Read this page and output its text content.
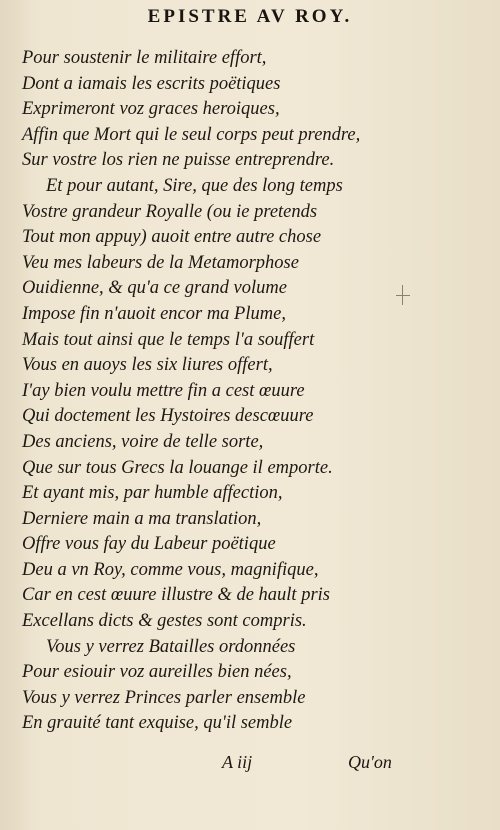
EPISTRE AV ROY.
Pour soustenir le militaire effort,
Dont a iamais les escrits poëtiques
Exprimeront voz graces heroiques,
Affin que Mort qui le seul corps peut prendre,
Sur vostre los rien ne puisse entreprendre.
Et pour autant, Sire, que des long temps
Vostre grandeur Royalle (ou ie pretends
Tout mon appuy) auoit entre autre chose
Veu mes labeurs de la Metamorphose
Ouidienne, & qu'a ce grand volume
Impose fin n'auoit encor ma Plume,
Mais tout ainsi que le temps l'a souffert
Vous en auoys les six liures offert,
I'ay bien voulu mettre fin a cest œuure
Qui doctement les Hystoires descœuure
Des anciens, voire de telle sorte,
Que sur tous Grecs la louange il emporte.
Et ayant mis, par humble affection,
Derniere main a ma translation,
Offre vous fay du Labeur poëtique
Deu a vn Roy, comme vous, magnifique,
Car en cest œuure illustre & de hault pris
Excellans dicts & gestes sont compris.
Vous y verrez Batailles ordonnées
Pour esiouir voz aureilles bien nées,
Vous y verrez Princes parler ensemble
En grauité tant exquise, qu'il semble
A iij	Qu'on
